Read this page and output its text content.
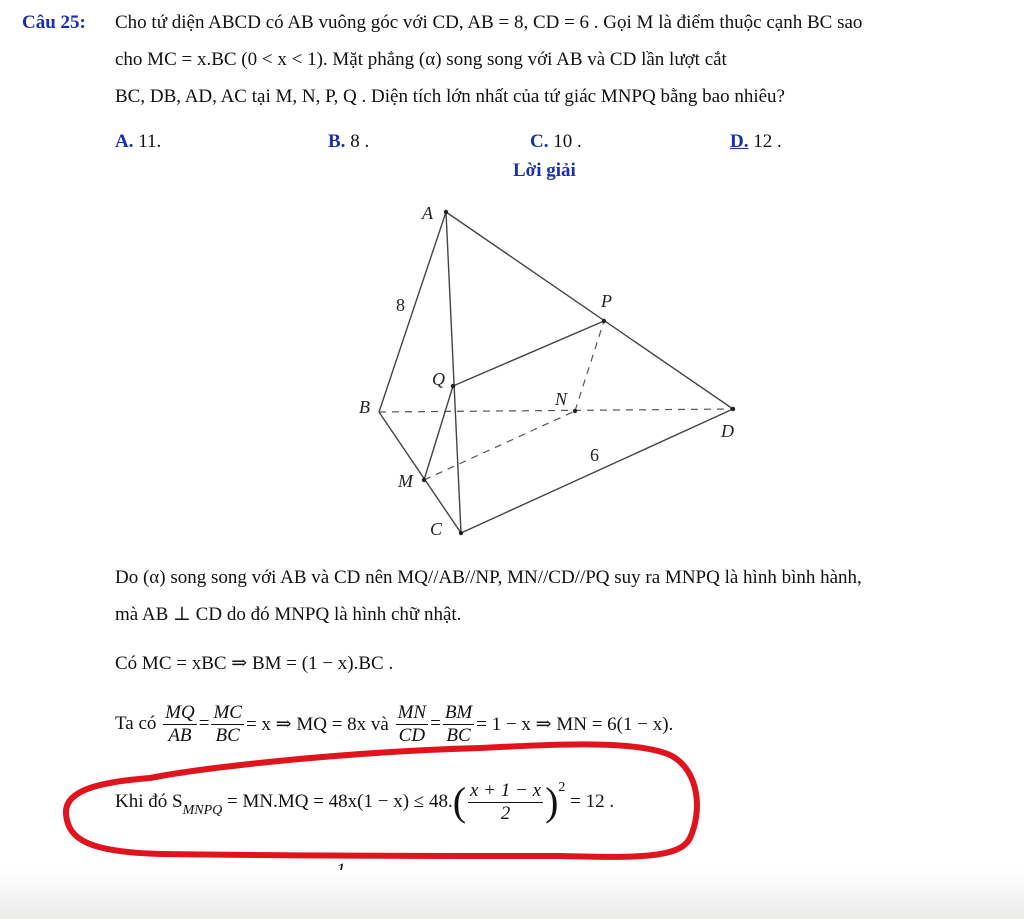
Câu 25: Cho tứ diện ABCD có AB vuông góc với CD, AB = 8, CD = 6 . Gọi M là điểm thuộc cạnh BC sao
cho MC = x.BC (0 < x < 1). Mặt phẳng (α) song song với AB và CD lần lượt cắt
BC, DB, AD, AC tại M, N, P, Q . Diện tích lớn nhất của tứ giác MNPQ bằng bao nhiêu?
A. 11.	B. 8 .	C. 10 .	D. 12 .
Lời giải
A
8	P
Q
B	N
D
6
M
C
Do (α) song song với AB và CD nên MQ//AB//NP, MN//CD//PQ suy ra MNPQ là hình bình hành,
mà AB ⊥ CD do đó MNPQ là hình chữ nhật.
Có MC = xBC ⇒ BM = (1 − x).BC .
Ta có
$\frac{MQ}{AB} = \frac{MC}{BC} = x$ ⇒ MQ = 8x và
$\frac{MN}{CD} = \frac{BM}{BC} = 1 - x$ ⇒ MN = 6(1 − x).
Khi đó $S_{MNPQ}$
= MN.MQ = 48x(1 − x) ≤ 48. ( $\frac{x + 1 - x}{2} )^2$

= 12 .
